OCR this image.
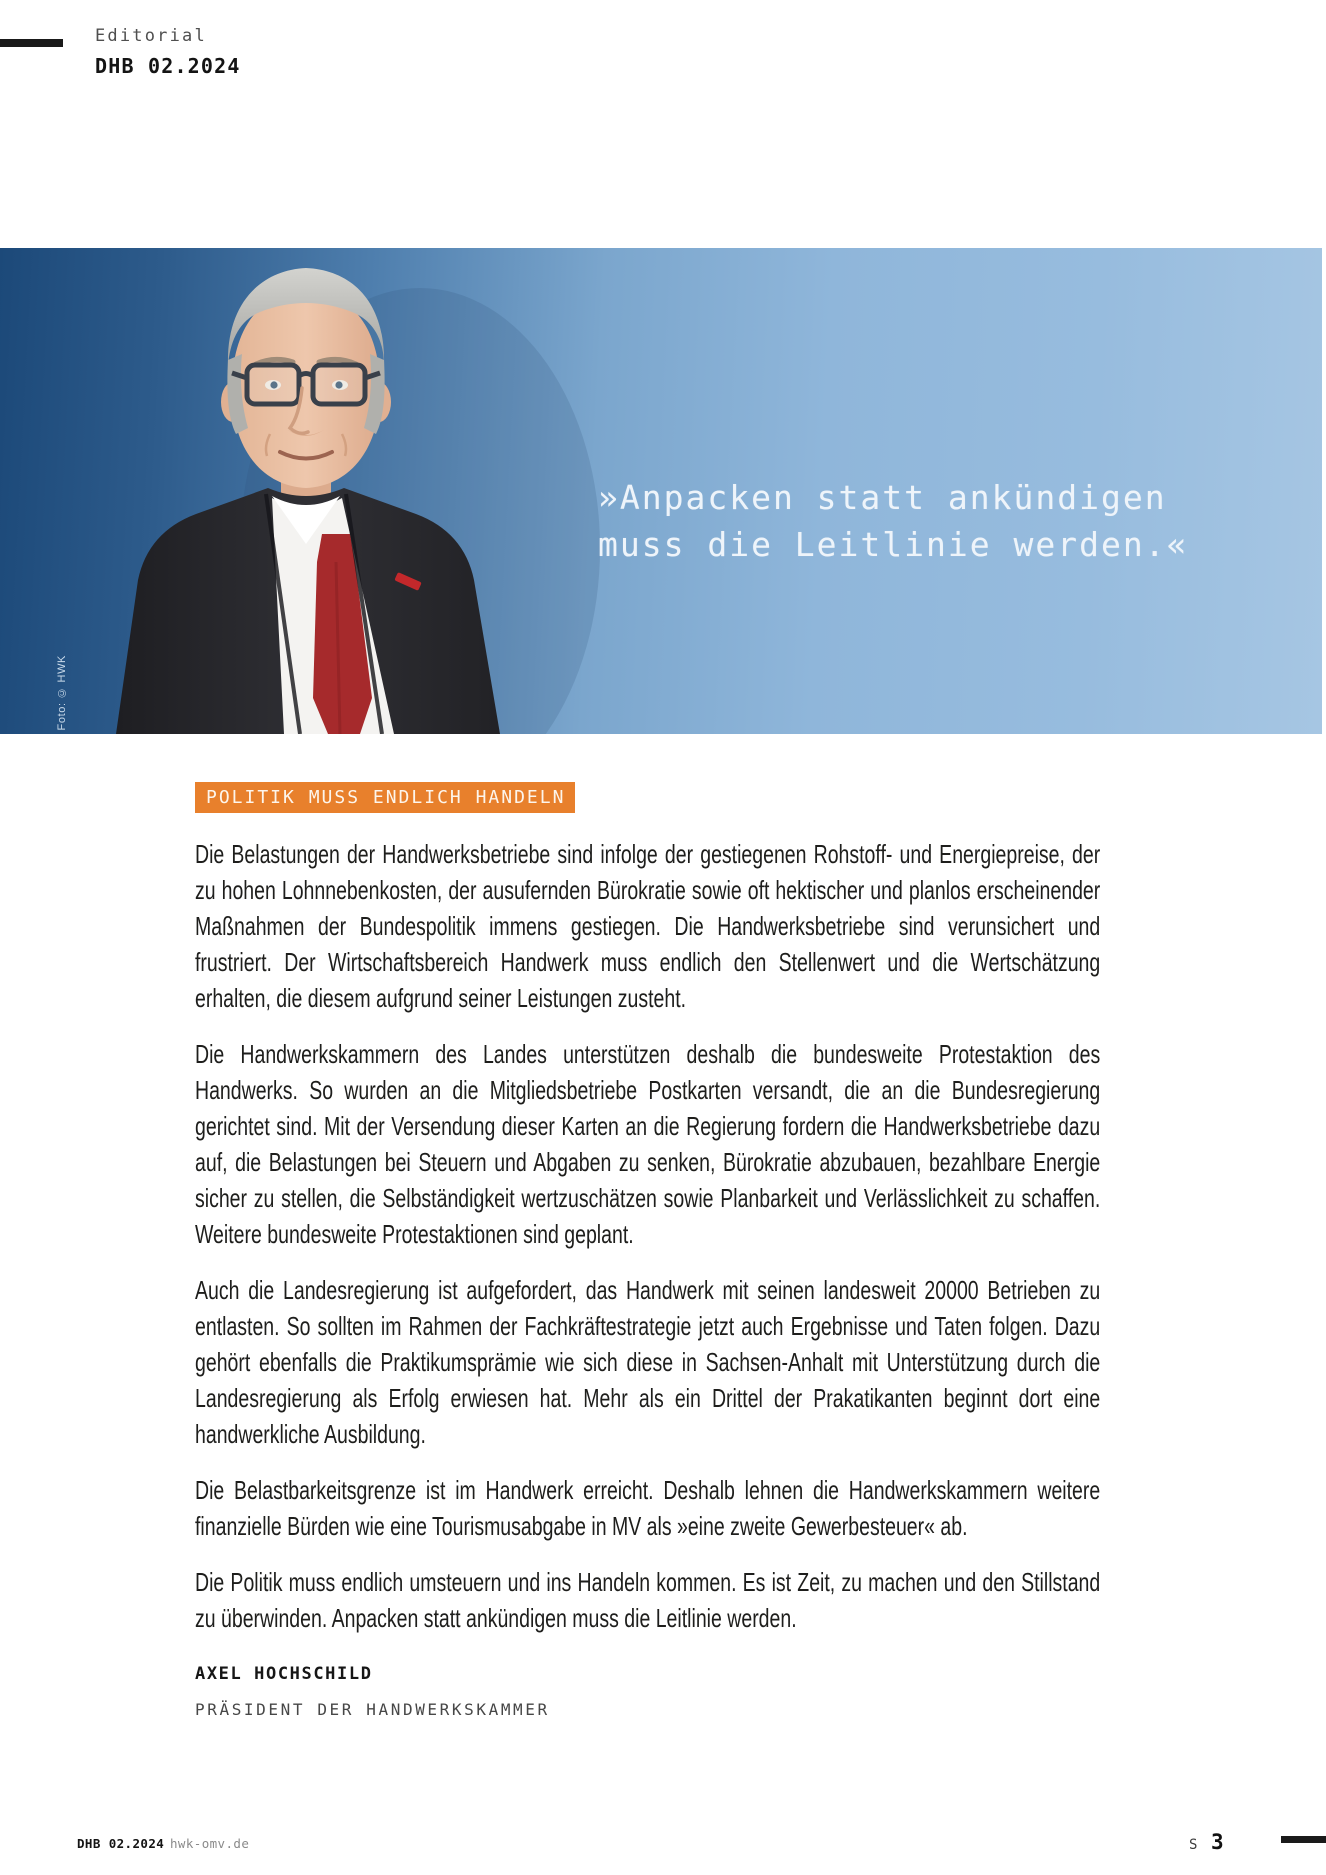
Editorial
DHB 02.2024
»Anpacken statt ankündigen
muss die Leitlinie werden.«
Foto: © HWK
POLITIK MUSS ENDLICH HANDELN

Die Belastungen der Handwerksbetriebe sind infolge der gestiegenen Rohstoff- und Energiepreise, der zu hohen Lohnnebenkosten, der ausufernden Bürokratie sowie oft hektischer und planlos erscheinender Maßnahmen der Bundespolitik immens gestiegen. Die Handwerksbetriebe sind verunsichert und frustriert. Der Wirtschaftsbereich Handwerk muss endlich den Stellenwert und die Wertschätzung erhalten, die diesem aufgrund seiner Leistungen zusteht.

Die Handwerkskammern des Landes unterstützen deshalb die bundesweite Protestaktion des Handwerks. So wurden an die Mitgliedsbetriebe Postkarten versandt, die an die Bundesregierung gerichtet sind. Mit der Versendung dieser Karten an die Regierung fordern die Handwerksbetriebe dazu auf, die Belastungen bei Steuern und Abgaben zu senken, Bürokratie abzubauen, bezahlbare Energie sicher zu stellen, die Selbständigkeit wertzuschätzen sowie Planbarkeit und Verlässlichkeit zu schaffen. Weitere bundesweite Protestaktionen sind geplant.

Auch die Landesregierung ist aufgefordert, das Handwerk mit seinen landesweit 20000 Betrieben zu entlasten. So sollten im Rahmen der Fachkräftestrategie jetzt auch Ergebnisse und Taten folgen. Dazu gehört ebenfalls die Praktikumsprämie wie sich diese in Sachsen-Anhalt mit Unterstützung durch die Landesregierung als Erfolg erwiesen hat. Mehr als ein Drittel der Prakatikanten beginnt dort eine handwerkliche Ausbildung.

Die Belastbarkeitsgrenze ist im Handwerk erreicht. Deshalb lehnen die Handwerkskammern weitere finanzielle Bürden wie eine Tourismusabgabe in MV als »eine zweite Gewerbesteuer« ab.

Die Politik muss endlich umsteuern und ins Handeln kommen. Es ist Zeit, zu machen und den Stillstand zu überwinden. Anpacken statt ankündigen muss die Leitlinie werden.

AXEL HOCHSCHILD
PRÄSIDENT DER HANDWERKSKAMMER
DHB 02.2024 hwk-omv.de	S 3
